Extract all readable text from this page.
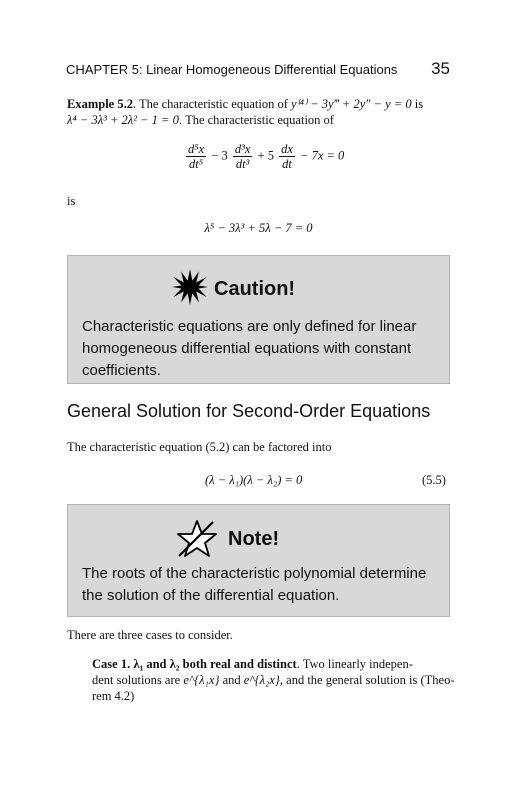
CHAPTER 5: Linear Homogeneous Differential Equations 35
Example 5.2. The characteristic equation of y⁽⁴⁾ − 3y‴ + 2y″ − y = 0 is
λ⁴ − 3λ³ + 2λ² − 1 = 0. The characteristic equation of
$\frac{\text{d⁵x}}{\text{dt⁵}} - 3 \frac{\text{d³x}}{\text{dt³}} + 5 \frac{dx}{dt} - 7x = 0$
is
λ⁵ − 3λ³ + 5λ − 7 = 0
Caution!
Characteristic equations are only defined for linear homogeneous differential equations with constant coefficients.
General Solution for Second-Order Equations
The characteristic equation (5.2) can be factored into
(λ − λ₁)(λ − λ₂) = 0	(5.5)
Note!
The roots of the characteristic polynomial determine the solution of the differential equation.
There are three cases to consider.
Case 1. λ₁ and λ₂ both real and distinct. Two linearly indepen-
dent solutions are e^{λ₁x} and e^{λ₂x}, and the general solution is (Theo-
rem 4.2)
